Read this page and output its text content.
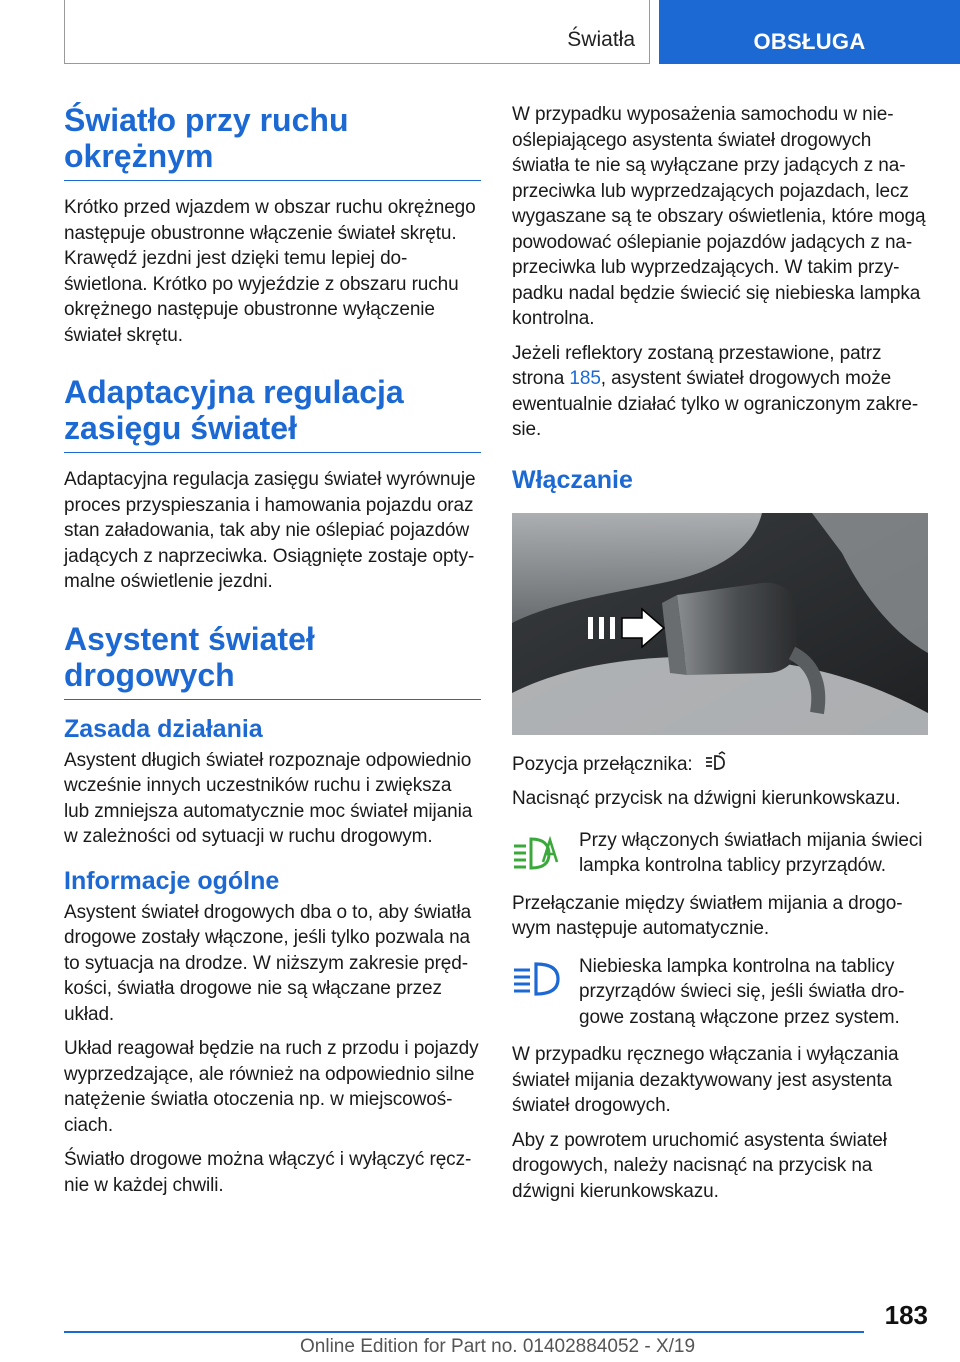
Światła	OBSŁUGA
Światło przy ruchu okrężnym

Krótko przed wjazdem w obszar ruchu okrężnego następuje obustronne włączenie świateł skrętu. Krawędź jezdni jest dzięki temu lepiej doświetlona. Krótko po wyjeździe z obszaru ruchu okrężnego następuje obustronne wyłączenie świateł skrętu.

Adaptacyjna regulacja zasięgu świateł

Adaptacyjna regulacja zasięgu świateł wyrównuje proces przyspieszania i hamowania pojazdu oraz stan załadowania, tak aby nie oślepiać pojazdów jadących z naprzeciwka. Osiągnięte zostaje optymalne oświetlenie jezdni.

Asystent świateł drogowych
Zasada działania

Asystent długich świateł rozpoznaje odpowiednio wcześnie innych uczestników ruchu i zwiększa lub zmniejsza automatycznie moc świateł mijania w zależności od sytuacji w ruchu drogowym.

Informacje ogólne

Asystent świateł drogowych dba o to, aby światła drogowe zostały włączone, jeśli tylko pozwala na to sytuacja na drodze. W niższym zakresie prędkości, światła drogowe nie są włączane przez układ.

Układ reagował będzie na ruch z przodu i pojazdy wyprzedzające, ale również na odpowiednio silne natężenie światła otoczenia np. w miejscowościach.

Światło drogowe można włączyć i wyłączyć ręcznie w każdej chwili.

W przypadku wyposażenia samochodu w nieoślepiającego asystenta świateł drogowych światła te nie są wyłączane przy jadących z naprzeciwka lub wyprzedzających pojazdach, lecz wygaszane są te obszary oświetlenia, które mogą powodować oślepianie pojazdów jadących z naprzeciwka lub wyprzedzających. W takim przypadku nadal będzie świecić się niebieska lampka kontrolna.

Jeżeli reflektory zostaną przestawione, patrz strona 185, asystent świateł drogowych może ewentualnie działać tylko w ograniczonym zakresie.

Włączanie

Pozycja przełącznika:

Nacisnąć przycisk na dźwigni kierunkowskazu.

Przy włączonych światłach mijania świeci lampka kontrolna tablicy przyrządów.

Przełączanie między światłem mijania a drogowym następuje automatycznie.

Niebieska lampka kontrolna na tablicy przyrządów świeci się, jeśli światła drogowe zostaną włączone przez system.

W przypadku ręcznego włączania i wyłączania świateł mijania dezaktywowany jest asystenta świateł drogowych.

Aby z powrotem uruchomić asystenta świateł drogowych, należy nacisnąć na przycisk na dźwigni kierunkowskazu.

183
Online Edition for Part no. 01402884052 - X/19
